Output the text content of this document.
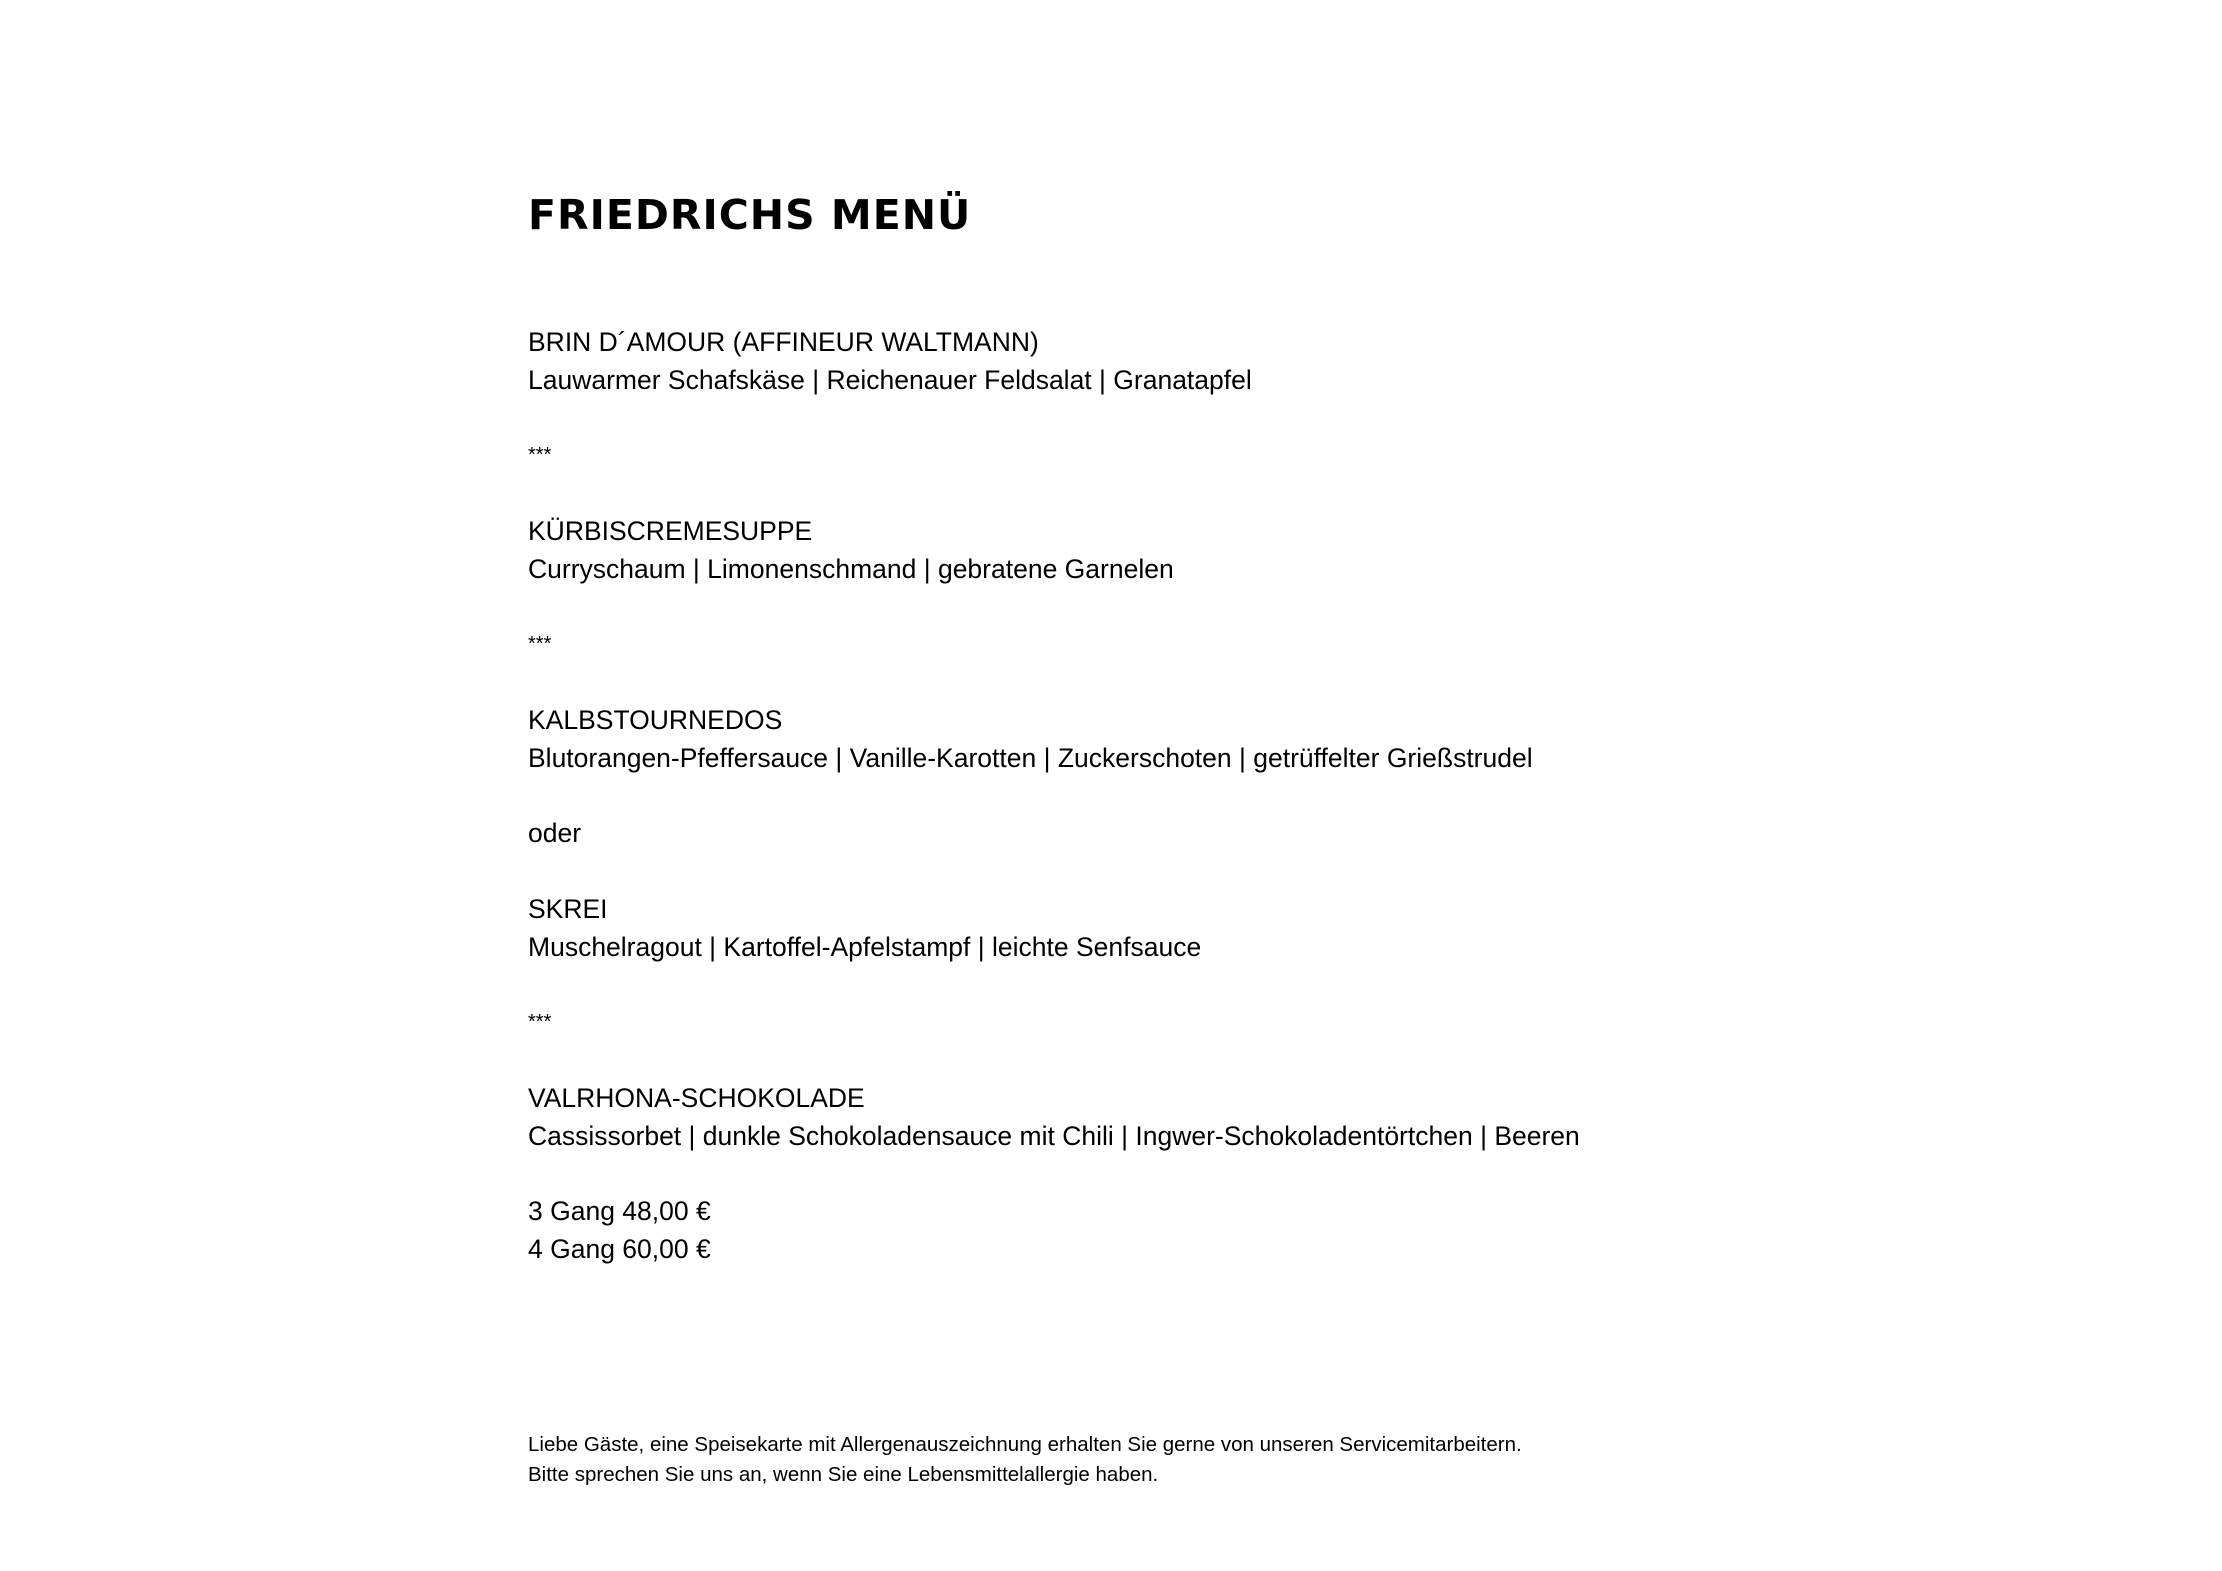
FRIEDRICHS MENÜ
BRIN D´AMOUR (AFFINEUR WALTMANN)
Lauwarmer Schafskäse | Reichenauer Feldsalat | Granatapfel
***
KÜRBISCREMESUPPE
Curryschaum | Limonenschmand | gebratene Garnelen
***
KALBSTOURNEDOS
Blutorangen-Pfeffersauce | Vanille-Karotten | Zuckerschoten | getrüffelter Grießstrudel
oder
SKREI
Muschelragout | Kartoffel-Apfelstampf | leichte Senfsauce
***
VALRHONA-SCHOKOLADE
Cassissorbet | dunkle Schokoladensauce mit Chili | Ingwer-Schokoladentörtchen | Beeren
3 Gang 48,00 €
4 Gang 60,00 €
Liebe Gäste, eine Speisekarte mit Allergenauszeichnung erhalten Sie gerne von unseren Servicemitarbeitern.
Bitte sprechen Sie uns an, wenn Sie eine Lebensmittelallergie haben.
